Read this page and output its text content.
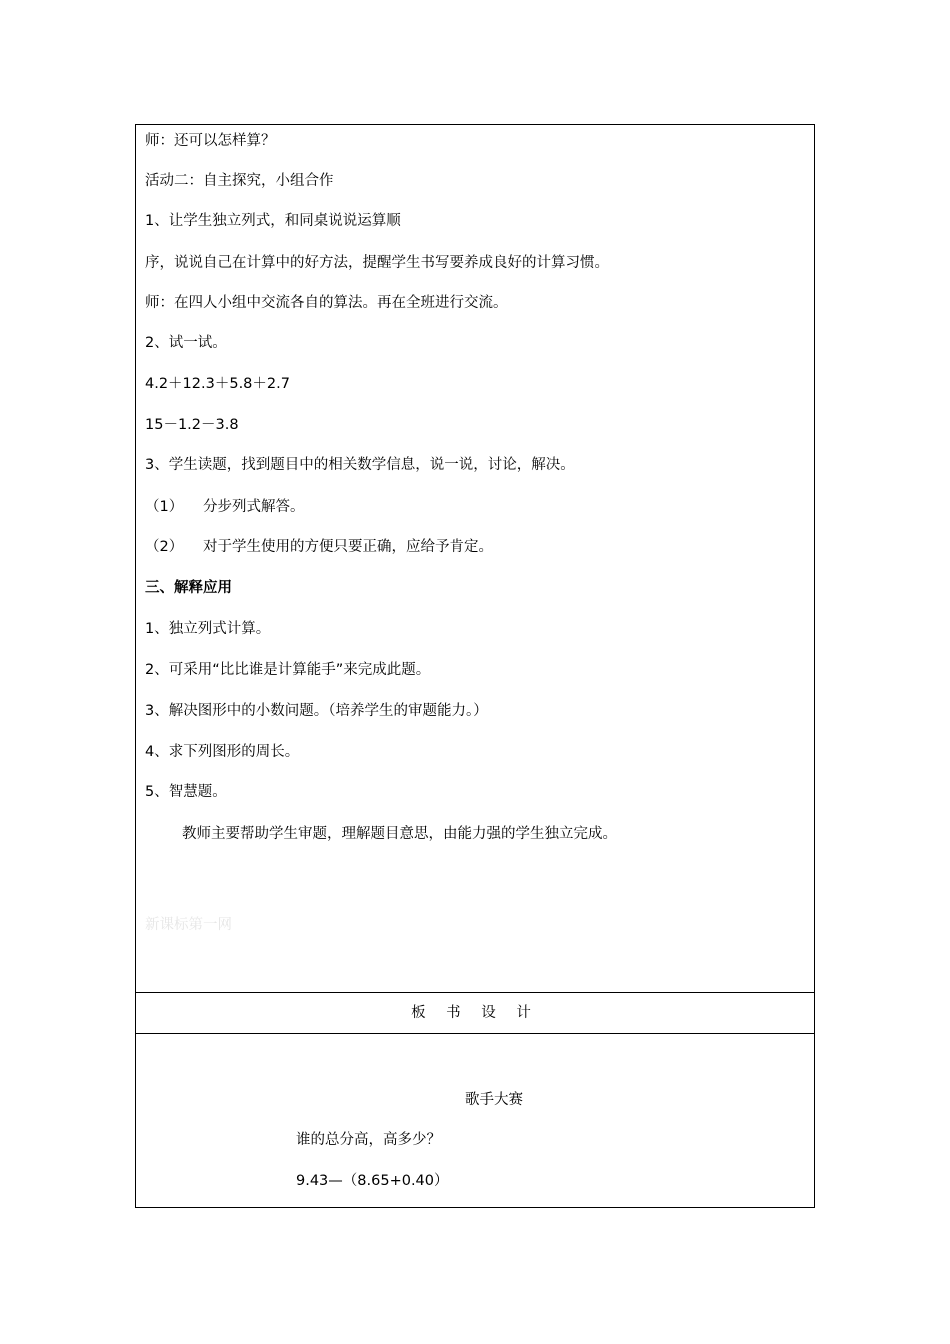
师：还可以怎样算？
活动二：自主探究，小组合作
1、让学生独立列式，和同桌说说运算顺
序，说说自己在计算中的好方法，提醒学生书写要养成良好的计算习惯。
师：在四人小组中交流各自的算法。再在全班进行交流。
2、试一试。
4.2＋12.3＋5.8＋2.7
15－1.2－3.8
3、学生读题，找到题目中的相关数学信息，说一说，讨论，解决。
（1） 分步列式解答。
（2） 对于学生使用的方便只要正确，应给予肯定。
三、解释应用
1、独立列式计算。
2、可采用“比比谁是计算能手”来完成此题。
3、解决图形中的小数问题。（培养学生的审题能力。）
4、求下列图形的周长。
5、智慧题。
教师主要帮助学生审题，理解题目意思，由能力强的学生独立完成。
新课标第一网
板 书 设 计
歌手大赛
谁的总分高，高多少？
9.43—（8.65+0.40）
